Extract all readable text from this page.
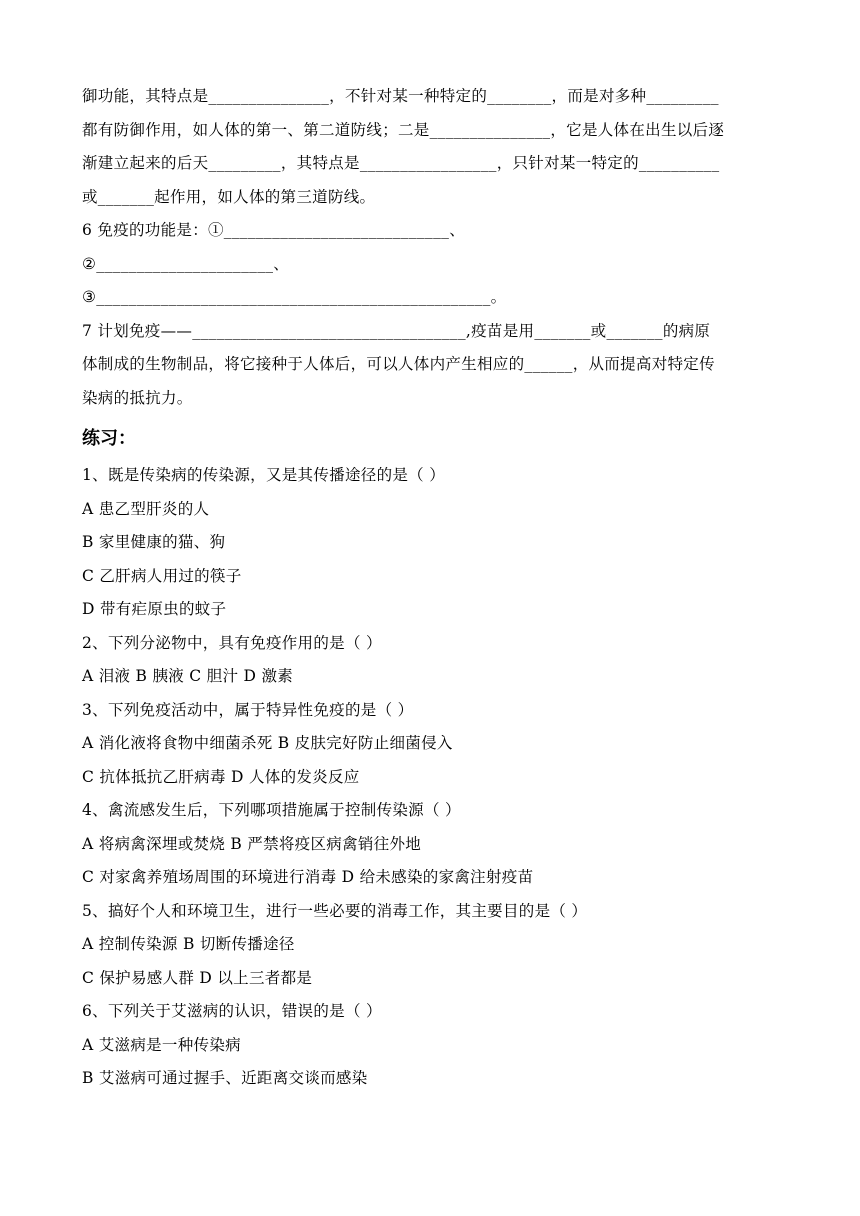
御功能，其特点是_______________，不针对某一种特定的________，而是对多种_________
都有防御作用，如人体的第一、第二道防线；二是_______________，它是人体在出生以后逐
渐建立起来的后天_________，其特点是_________________，只针对某一特定的__________
或_______起作用，如人体的第三道防线。
6 免疫的功能是：①____________________________、
②______________________、
③_________________________________________________。
7 计划免疫——__________________________________,疫苗是用_______或_______的病原
体制成的生物制品，将它接种于人体后，可以人体内产生相应的______，从而提高对特定传
染病的抵抗力。
练习：
1、既是传染病的传染源，又是其传播途径的是（ ）
A 患乙型肝炎的人
B 家里健康的猫、狗
C 乙肝病人用过的筷子
D 带有疟原虫的蚊子
2、下列分泌物中，具有免疫作用的是（ ）
A 泪液 B 胰液 C 胆汁 D 激素
3、下列免疫活动中，属于特异性免疫的是（ ）
A 消化液将食物中细菌杀死 B 皮肤完好防止细菌侵入
C 抗体抵抗乙肝病毒 D 人体的发炎反应
4、禽流感发生后，下列哪项措施属于控制传染源（ ）
A 将病禽深埋或焚烧 B 严禁将疫区病禽销往外地
C 对家禽养殖场周围的环境进行消毒 D 给未感染的家禽注射疫苗
5、搞好个人和环境卫生，进行一些必要的消毒工作，其主要目的是（ ）
A 控制传染源 B 切断传播途径
C 保护易感人群 D 以上三者都是
6、下列关于艾滋病的认识，错误的是（ ）
A 艾滋病是一种传染病
B 艾滋病可通过握手、近距离交谈而感染
